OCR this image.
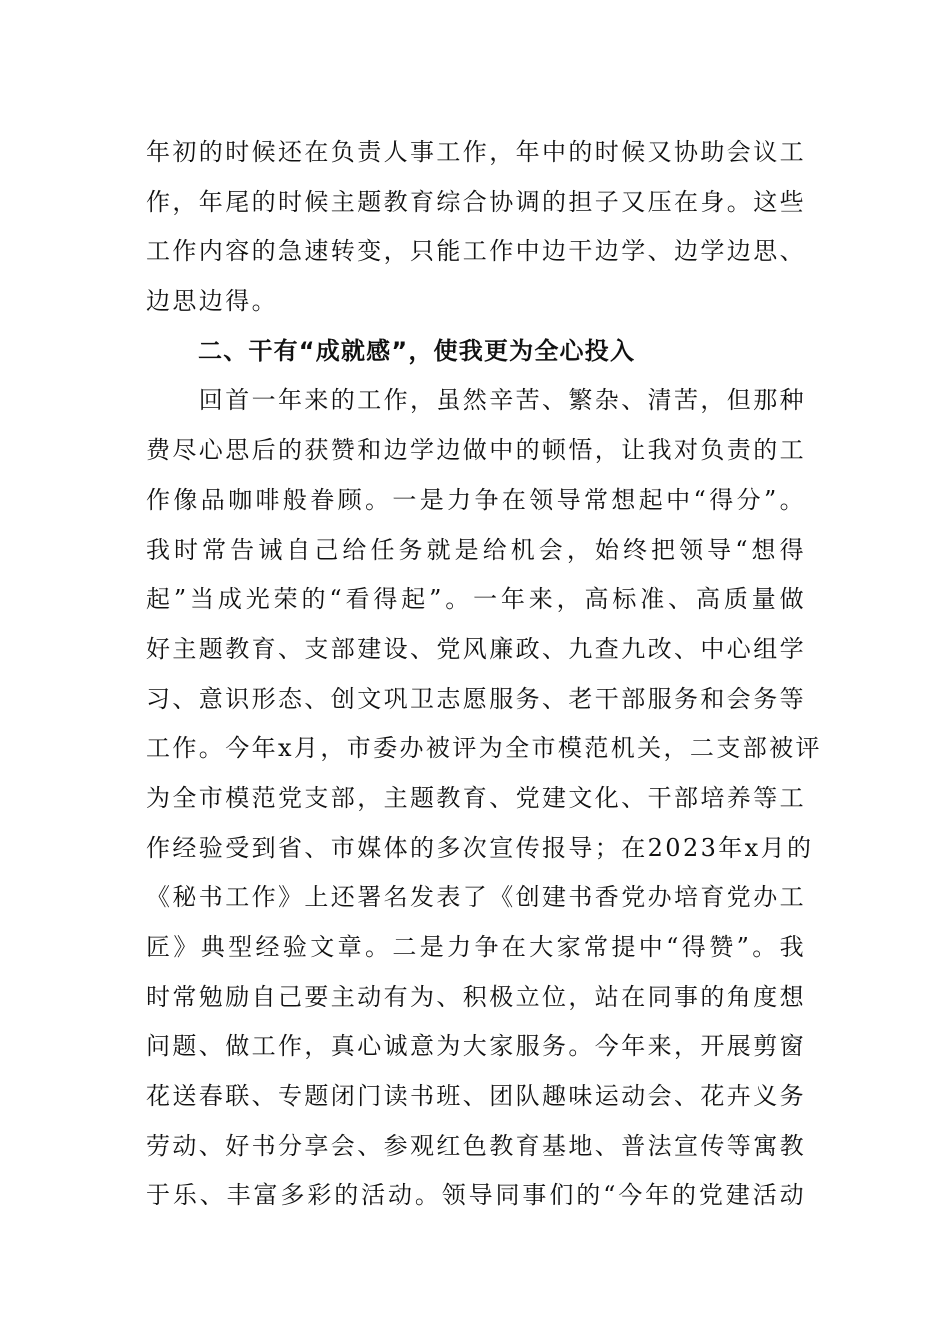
年初的时候还在负责人事工作，年中的时候又协助会议工
作，年尾的时候主题教育综合协调的担子又压在身。这些
工作内容的急速转变，只能工作中边干边学、边学边思、
边思边得。
二、干有“成就感”，使我更为全心投入
　　回首一年来的工作，虽然辛苦、繁杂、清苦，但那种
费尽心思后的获赞和边学边做中的顿悟，让我对负责的工
作像品咖啡般眷顾。一是力争在领导常想起中“得分”。
我时常告诫自己给任务就是给机会，始终把领导“想得
起”当成光荣的“看得起”。一年来，高标准、高质量做
好主题教育、支部建设、党风廉政、九查九改、中心组学
习、意识形态、创文巩卫志愿服务、老干部服务和会务等
工作。今年x月，市委办被评为全市模范机关，二支部被评
为全市模范党支部，主题教育、党建文化、干部培养等工
作经验受到省、市媒体的多次宣传报导；在2023年x月的
《秘书工作》上还署名发表了《创建书香党办培育党办工
匠》典型经验文章。二是力争在大家常提中“得赞”。我
时常勉励自己要主动有为、积极立位，站在同事的角度想
问题、做工作，真心诚意为大家服务。今年来，开展剪窗
花送春联、专题闭门读书班、团队趣味运动会、花卉义务
劳动、好书分享会、参观红色教育基地、普法宣传等寓教
于乐、丰富多彩的活动。领导同事们的“今年的党建活动
